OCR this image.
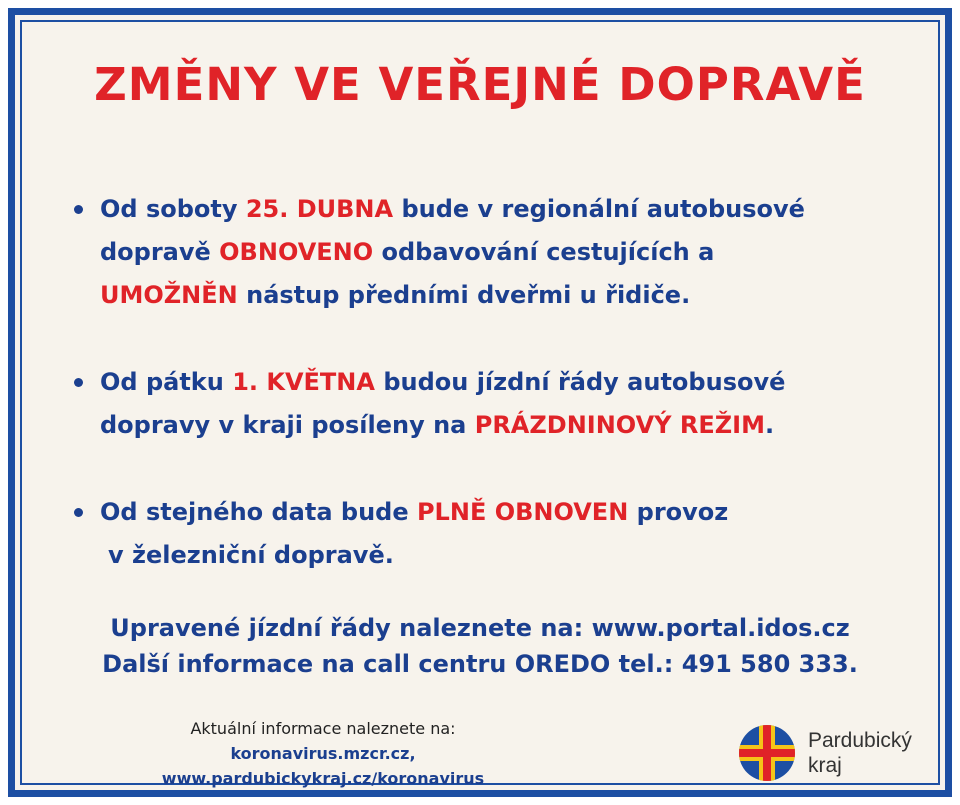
ZMĚNY VE VEŘEJNÉ DOPRAVĚ
Od soboty 25. DUBNA bude v regionální autobusové
dopravě OBNOVENO odbavování cestujících a
UMOŽNĚN nástup předními dveřmi u řidiče.
Od pátku 1. KVĚTNA budou jízdní řády autobusové
dopravy v kraji posíleny na PRÁZDNINOVÝ REŽIM.
Od stejného data bude PLNĚ OBNOVEN provoz
v železniční dopravě.
Upravené jízdní řády naleznete na: www.portal.idos.cz
Další informace na call centru OREDO tel.: 491 580 333.
Aktuální informace naleznete na:
koronavirus.mzcr.cz,
www.pardubickykraj.cz/koronavirus
Pardubický
kraj
